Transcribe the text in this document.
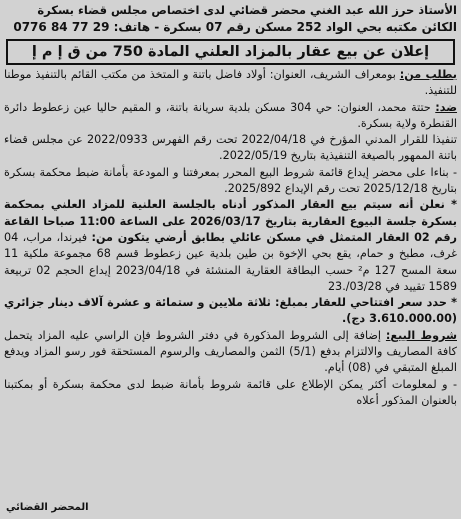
الأستاذ حرز الله عبد الغني محضر قضائي لدى اختصاص مجلس قضاء بسكرة
الكائن مكتبه بحي الواد 252 مسكن رقم 07 بسكرة - هاتف: 29 77 84 0776
إعلان عن بيع عقار بالمزاد العلني المادة 750 من ق إ م إ

بطلب من: بومعراف الشريف، العنوان: أولاد فاضل باتنة و المتخذ من مكتب القائم بالتنفيذ موطنا للتنفيذ.

ضد: حتتة محمد، العنوان: حي 304 مسكن بلدية سريانة باتنة، و المقيم حاليا عين زعطوط دائرة القنطرة ولاية بسكرة.

تنفيذا للقرار المدني المؤرخ في 2022/04/18 تحت رقم الفهرس 2022/0933 عن مجلس قضاء باتنة الممهور بالصيغة التنفيذية بتاريخ 2022/05/19.

- بناءا على محضر إيداع قائمة شروط البيع المحرر بمعرفتنا و المودعة بأمانة ضبط محكمة بسكرة بتاريخ 2025/12/18 تحت رقم الإيداع 2025/892.

* نعلن أنه سيتم بيع العقار المذكور أدناه بالجلسة العلنية للمزاد العلني بمحكمة بسكرة جلسة البيوع العقارية بتاريخ 2026/03/17 على الساعة 11:00 صباحا القاعة رقم 02 العقار المتمثل في مسكن عائلي بطابق أرضي يتكون من: فيرندا، مراب، 04 غرف، مطبخ و حمام، يقع بحي الإخوة بن طين بلدية عين زعطوط قسم 68 مجموعة ملكية 11 سعة المسح 127 م² حسب البطاقة العقارية المنشئة في 2023/04/18 إيداع الحجم 02 تربيعة 1589 تقييد في 03/28/.23

* حدد سعر افتتاحي للعقار بمبلغ: ثلاثة ملايين و ستمائة و عشرة آلاف دينار جزائري (3.610.000.00 دج).

شروط البيع: إضافة إلى الشروط المذكورة في دفتر الشروط فإن الراسي عليه المزاد يتحمل كافة المصاريف والالتزام بدفع (5/1) الثمن والمصاريف والرسوم المستحقة فور رسو المزاد ويدفع المبلغ المتبقي في (08) أيام.

- و لمعلومات أكثر يمكن الإطلاع على قائمة شروط بأمانة ضبط لدى محكمة بسكرة أو بمكتبنا بالعنوان المذكور أعلاه

المحضر القضائي
